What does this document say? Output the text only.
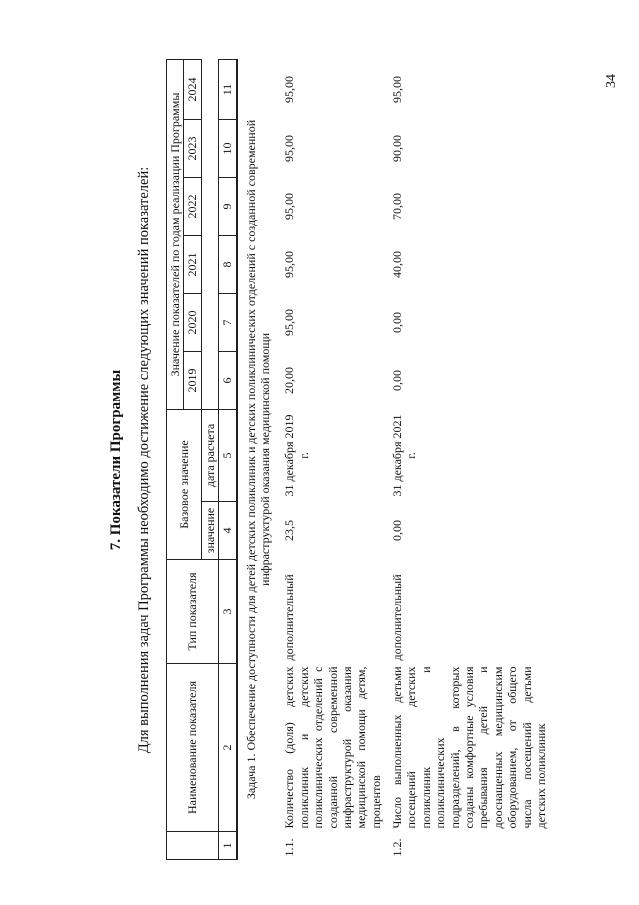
34
7. Показатели Программы Для выполнения задач Программы необходимо достижение следующих значений показателей:

		Наименование показателя	Тип показателя	Базовое значение		Значение показателей по годам реализации Программы					
					2019	2020	2021	2022	2023	2024
			значение	дата расчета						
1	2	3	4	5	6	7	8	9	10	11
Задача 1. Обеспечение доступности для детей детских поликлиник и детских поликлинических отделений с созданной современной инфраструктурой оказания медицинской помощи										
1.1.	Количество (доля) детских поликлиник и детских поликлинических отделений с созданной современной инфраструктурой оказания медицинской помощи детям, процентов	дополнительный	23,5	31 декабря 2019 г.	20,00	95,00	95,00	95,00	95,00	95,00
1.2.	Число выполненных детьми посещений детских поликлиник и поликлинических подразделений, в которых созданы комфортные условия пребывания детей и дооснащенных медицинским оборудованием, от общего числа посещений детьми детских поликлиник	дополнительный	0,00	31 декабря 2021 г.	0,00	0,00	40,00	70,00	90,00	95,00
